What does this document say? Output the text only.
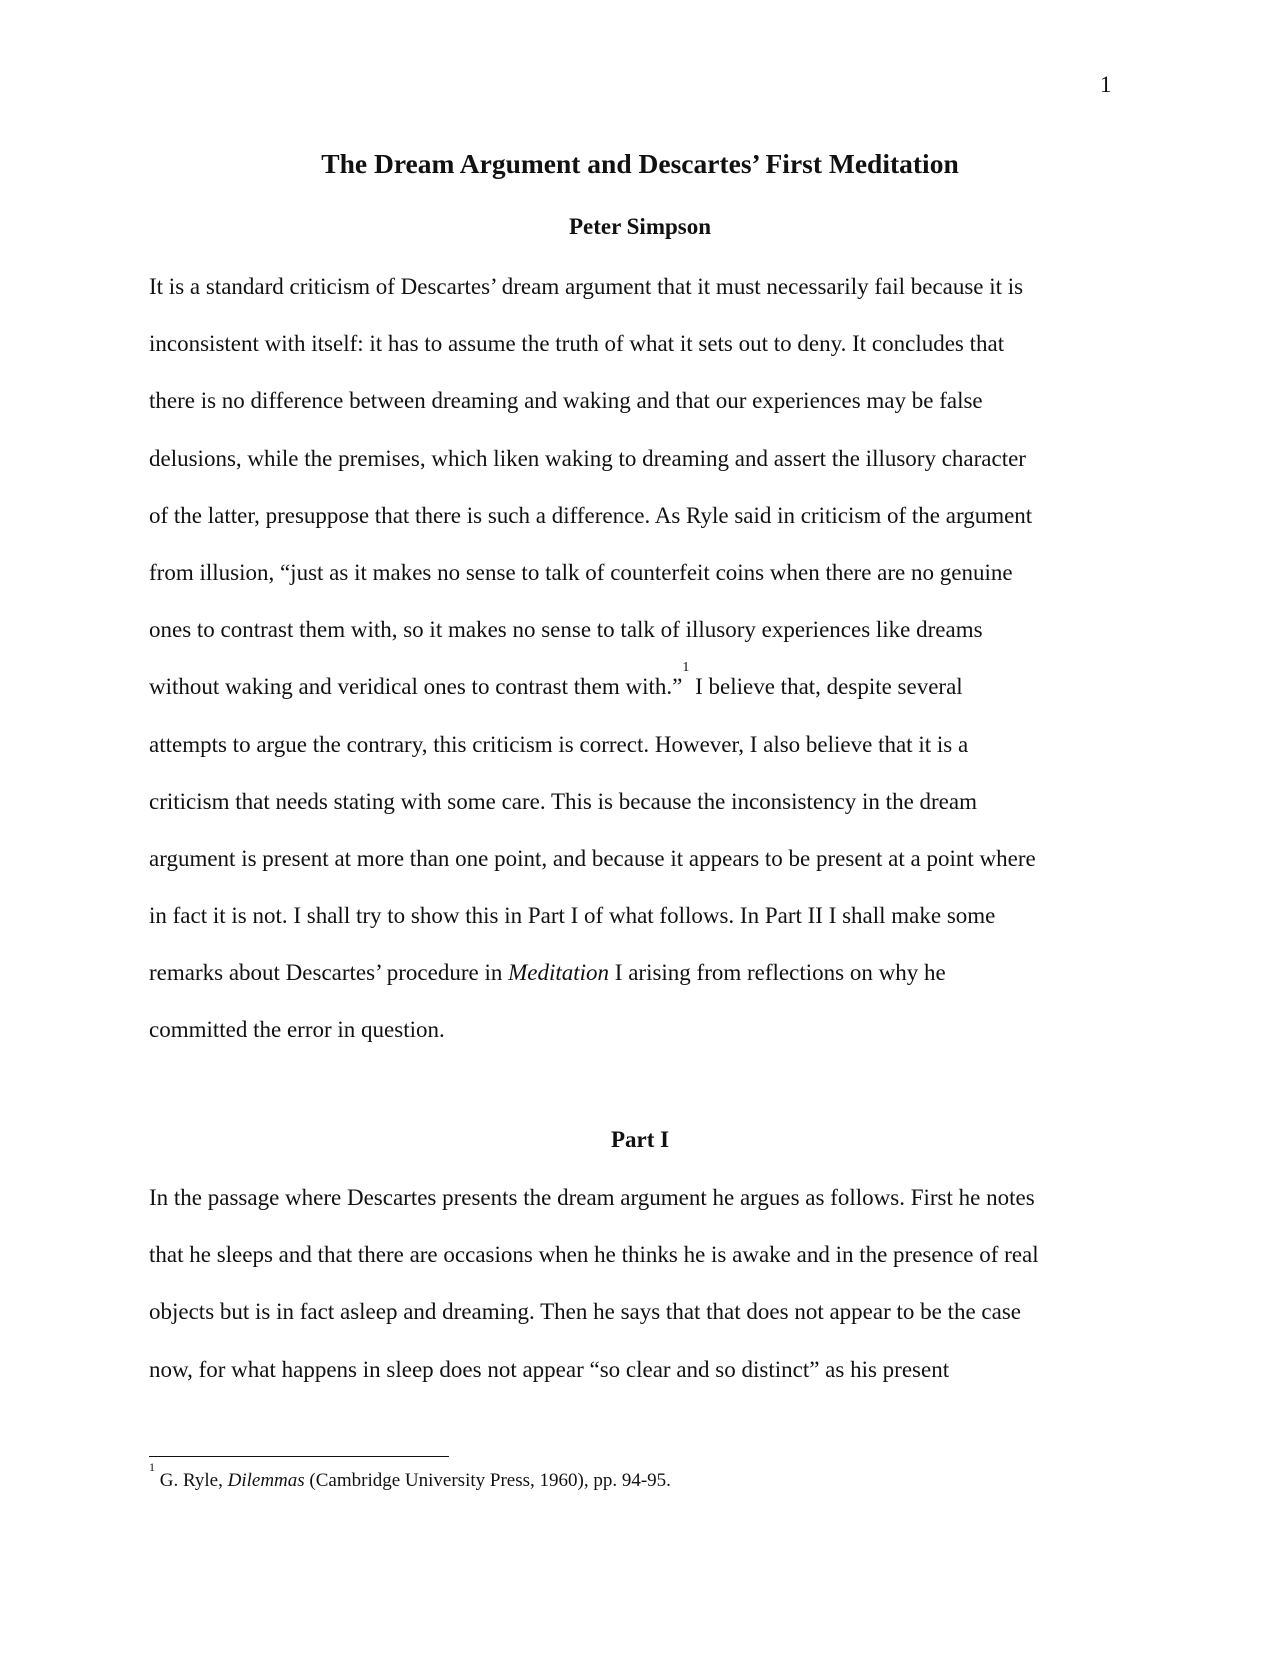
1
The Dream Argument and Descartes’ First Meditation
Peter Simpson
It is a standard criticism of Descartes’ dream argument that it must necessarily fail because it is
inconsistent with itself: it has to assume the truth of what it sets out to deny. It concludes that
there is no difference between dreaming and waking and that our experiences may be false
delusions, while the premises, which liken waking to dreaming and assert the illusory character
of the latter, presuppose that there is such a difference. As Ryle said in criticism of the argument
from illusion, “just as it makes no sense to talk of counterfeit coins when there are no genuine
ones to contrast them with, so it makes no sense to talk of illusory experiences like dreams
without waking and veridical ones to contrast them with.”$^1$ I believe that, despite several
attempts to argue the contrary, this criticism is correct. However, I also believe that it is a
criticism that needs stating with some care. This is because the inconsistency in the dream
argument is present at more than one point, and because it appears to be present at a point where
in fact it is not. I shall try to show this in Part I of what follows. In Part II I shall make some
remarks about Descartes’ procedure in Meditation I arising from reflections on why he
committed the error in question.
Part I
In the passage where Descartes presents the dream argument he argues as follows. First he notes
that he sleeps and that there are occasions when he thinks he is awake and in the presence of real
objects but is in fact asleep and dreaming. Then he says that that does not appear to be the case
now, for what happens in sleep does not appear “so clear and so distinct” as his present
$^1$ G. Ryle, Dilemmas (Cambridge University Press, 1960), pp. 94-95.
